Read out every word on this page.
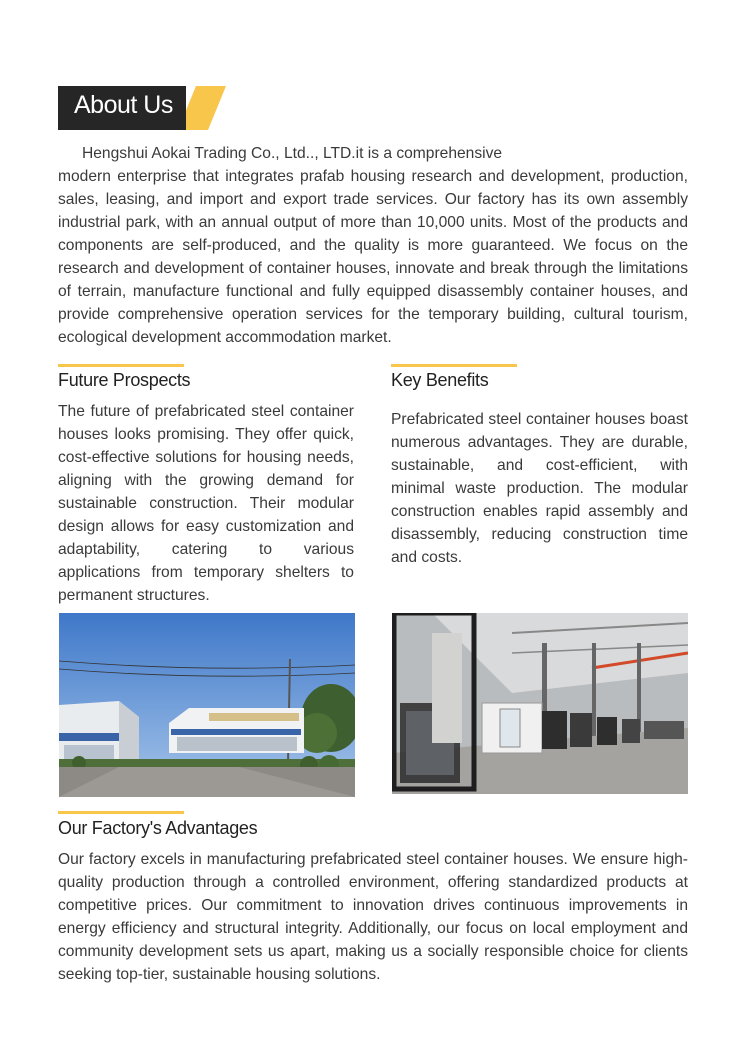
About Us

Hengshui Aokai Trading Co., Ltd.., LTD.it is a comprehensive
modern enterprise that integrates prafab housing research and development, production, sales, leasing, and import and export trade services. Our factory has its own assembly industrial park, with an annual output of more than 10,000 units. Most of the products and components are self-produced, and the quality is more guaranteed. We focus on the research and development of container houses, innovate and break through the limitations of terrain, manufacture functional and fully equipped disassembly container houses, and provide comprehensive operation services for the temporary building, cultural tourism, ecological development accommodation market.

Future Prospects

The future of prefabricated steel container houses looks promising. They offer quick, cost-effective solutions for housing needs, aligning with the growing demand for sustainable construction. Their modular design allows for easy customization and adaptability, catering to various applications from temporary shelters to permanent structures.

Key Benefits

Prefabricated steel container houses boast numerous advantages. They are durable, sustainable, and cost-efficient, with minimal waste production. The modular construction enables rapid assembly and disassembly, reducing construction time and costs.

Our Factory's Advantages

Our factory excels in manufacturing prefabricated steel container houses. We ensure high-quality production through a controlled environment, offering standardized products at competitive prices. Our commitment to innovation drives continuous improvements in energy efficiency and structural integrity. Additionally, our focus on local employment and community development sets us apart, making us a socially responsible choice for clients seeking top-tier, sustainable housing solutions.
